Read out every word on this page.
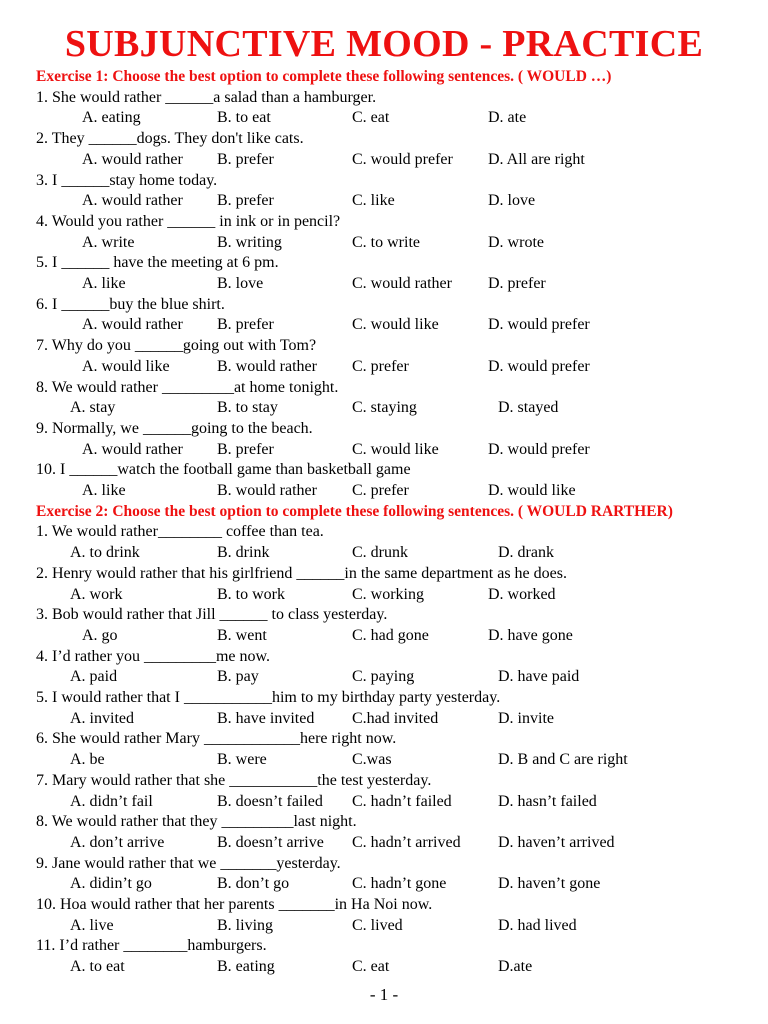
SUBJUNCTIVE MOOD - PRACTICE
Exercise 1: Choose the best option to complete these following sentences. ( WOULD …)
1. She would rather ______a salad than a hamburger.
A. eating	B. to eat	C. eat	D. ate
2. They ______dogs. They don't like cats.
A. would rather B. prefer	C. would prefer D. All are right
3. I ______stay home today.
A. would rather B. prefer	C. like	D. love
4. Would you rather ______ in ink or in pencil?
A. write	B. writing	C. to write	D. wrote
5. I ______ have the meeting at 6 pm.
A. like	B. love	C. would rather D. prefer
6. I ______buy the blue shirt.
A. would rather B. prefer	C. would like	D. would prefer
7. Why do you ______going out with Tom?
A. would like	B. would rather C. prefer	D. would prefer
8. We would rather _________at home tonight.
A. stay	B. to stay	C. staying	D. stayed
9. Normally, we ______going to the beach.
A. would rather B. prefer	C. would like	D. would prefer
10. I ______watch the football game than basketball game
A. like	B. would rather C. prefer	D. would like
Exercise 2: Choose the best option to complete these following sentences. ( WOULD RARTHER)
1. We would rather________ coffee than tea.
A. to drink	B. drink	C. drunk	D. drank
2. Henry would rather that his girlfriend ______in the same department as he does.
A. work	B. to work	C. working	D. worked
3. Bob would rather that Jill ______ to class yesterday.
A. go	B. went	C. had gone	D. have gone
4. I’d rather you _________me now.
A. paid	B. pay	C. paying	D. have paid
5. I would rather that I ___________him to my birthday party yesterday.
A. invited	B. have invited C.had invited	D. invite
6. She would rather Mary ____________here right now.
A. be	B. were	C.was	D. B and C are right
7. Mary would rather that she ___________the test yesterday.
A. didn’t fail	B. doesn’t failed C. hadn’t failed	D. hasn’t failed
8. We would rather that they _________last night.
A. don’t arrive	B. doesn’t arrive C. hadn’t arrived D. haven’t arrived
9. Jane would rather that we _______yesterday.
A. didin’t go	B. don’t go	C. hadn’t gone	D. haven’t gone
10. Hoa would rather that her parents _______in Ha Noi now.
A. live	B. living	C. lived	D. had lived
11. I’d rather ________hamburgers.
A. to eat	B. eating	C. eat	D.ate
- 1 -
